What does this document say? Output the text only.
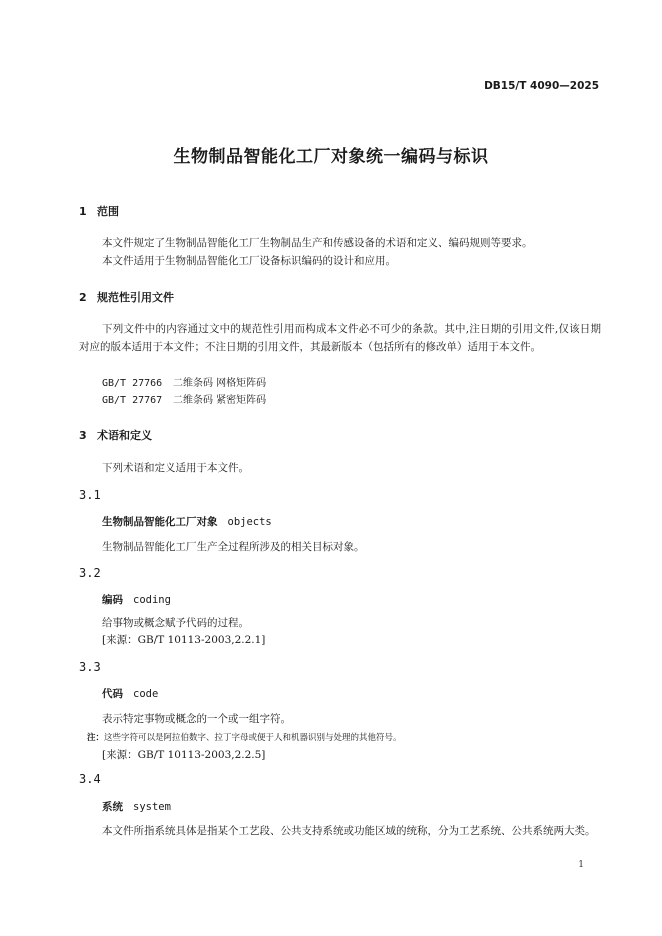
DB15/T 4090—2025
生物制品智能化工厂对象统一编码与标识
1 范围
本文件规定了生物制品智能化工厂生物制品生产和传感设备的术语和定义、编码规则等要求。
本文件适用于生物制品智能化工厂设备标识编码的设计和应用。
2 规范性引用文件
下列文件中的内容通过文中的规范性引用而构成本文件必不可少的条款。其中,注日期的引用文件,仅该日期对应的版本适用于本文件；不注日期的引用文件，其最新版本（包括所有的修改单）适用于本文件。
GB/T 27766 二维条码 网格矩阵码
GB/T 27767 二维条码 紧密矩阵码
3 术语和定义
下列术语和定义适用于本文件。
3.1
生物制品智能化工厂对象 objects
生物制品智能化工厂生产全过程所涉及的相关目标对象。
3.2
编码 coding
给事物或概念赋予代码的过程。
[来源：GB/T 10113-2003,2.2.1]
3.3
代码 code
表示特定事物或概念的一个或一组字符。
注：这些字符可以是阿拉伯数字、拉丁字母或便于人和机器识别与处理的其他符号。
[来源：GB/T 10113-2003,2.2.5]
3.4
系统 system
本文件所指系统具体是指某个工艺段、公共支持系统或功能区域的统称，分为工艺系统、公共系统两大类。
1
